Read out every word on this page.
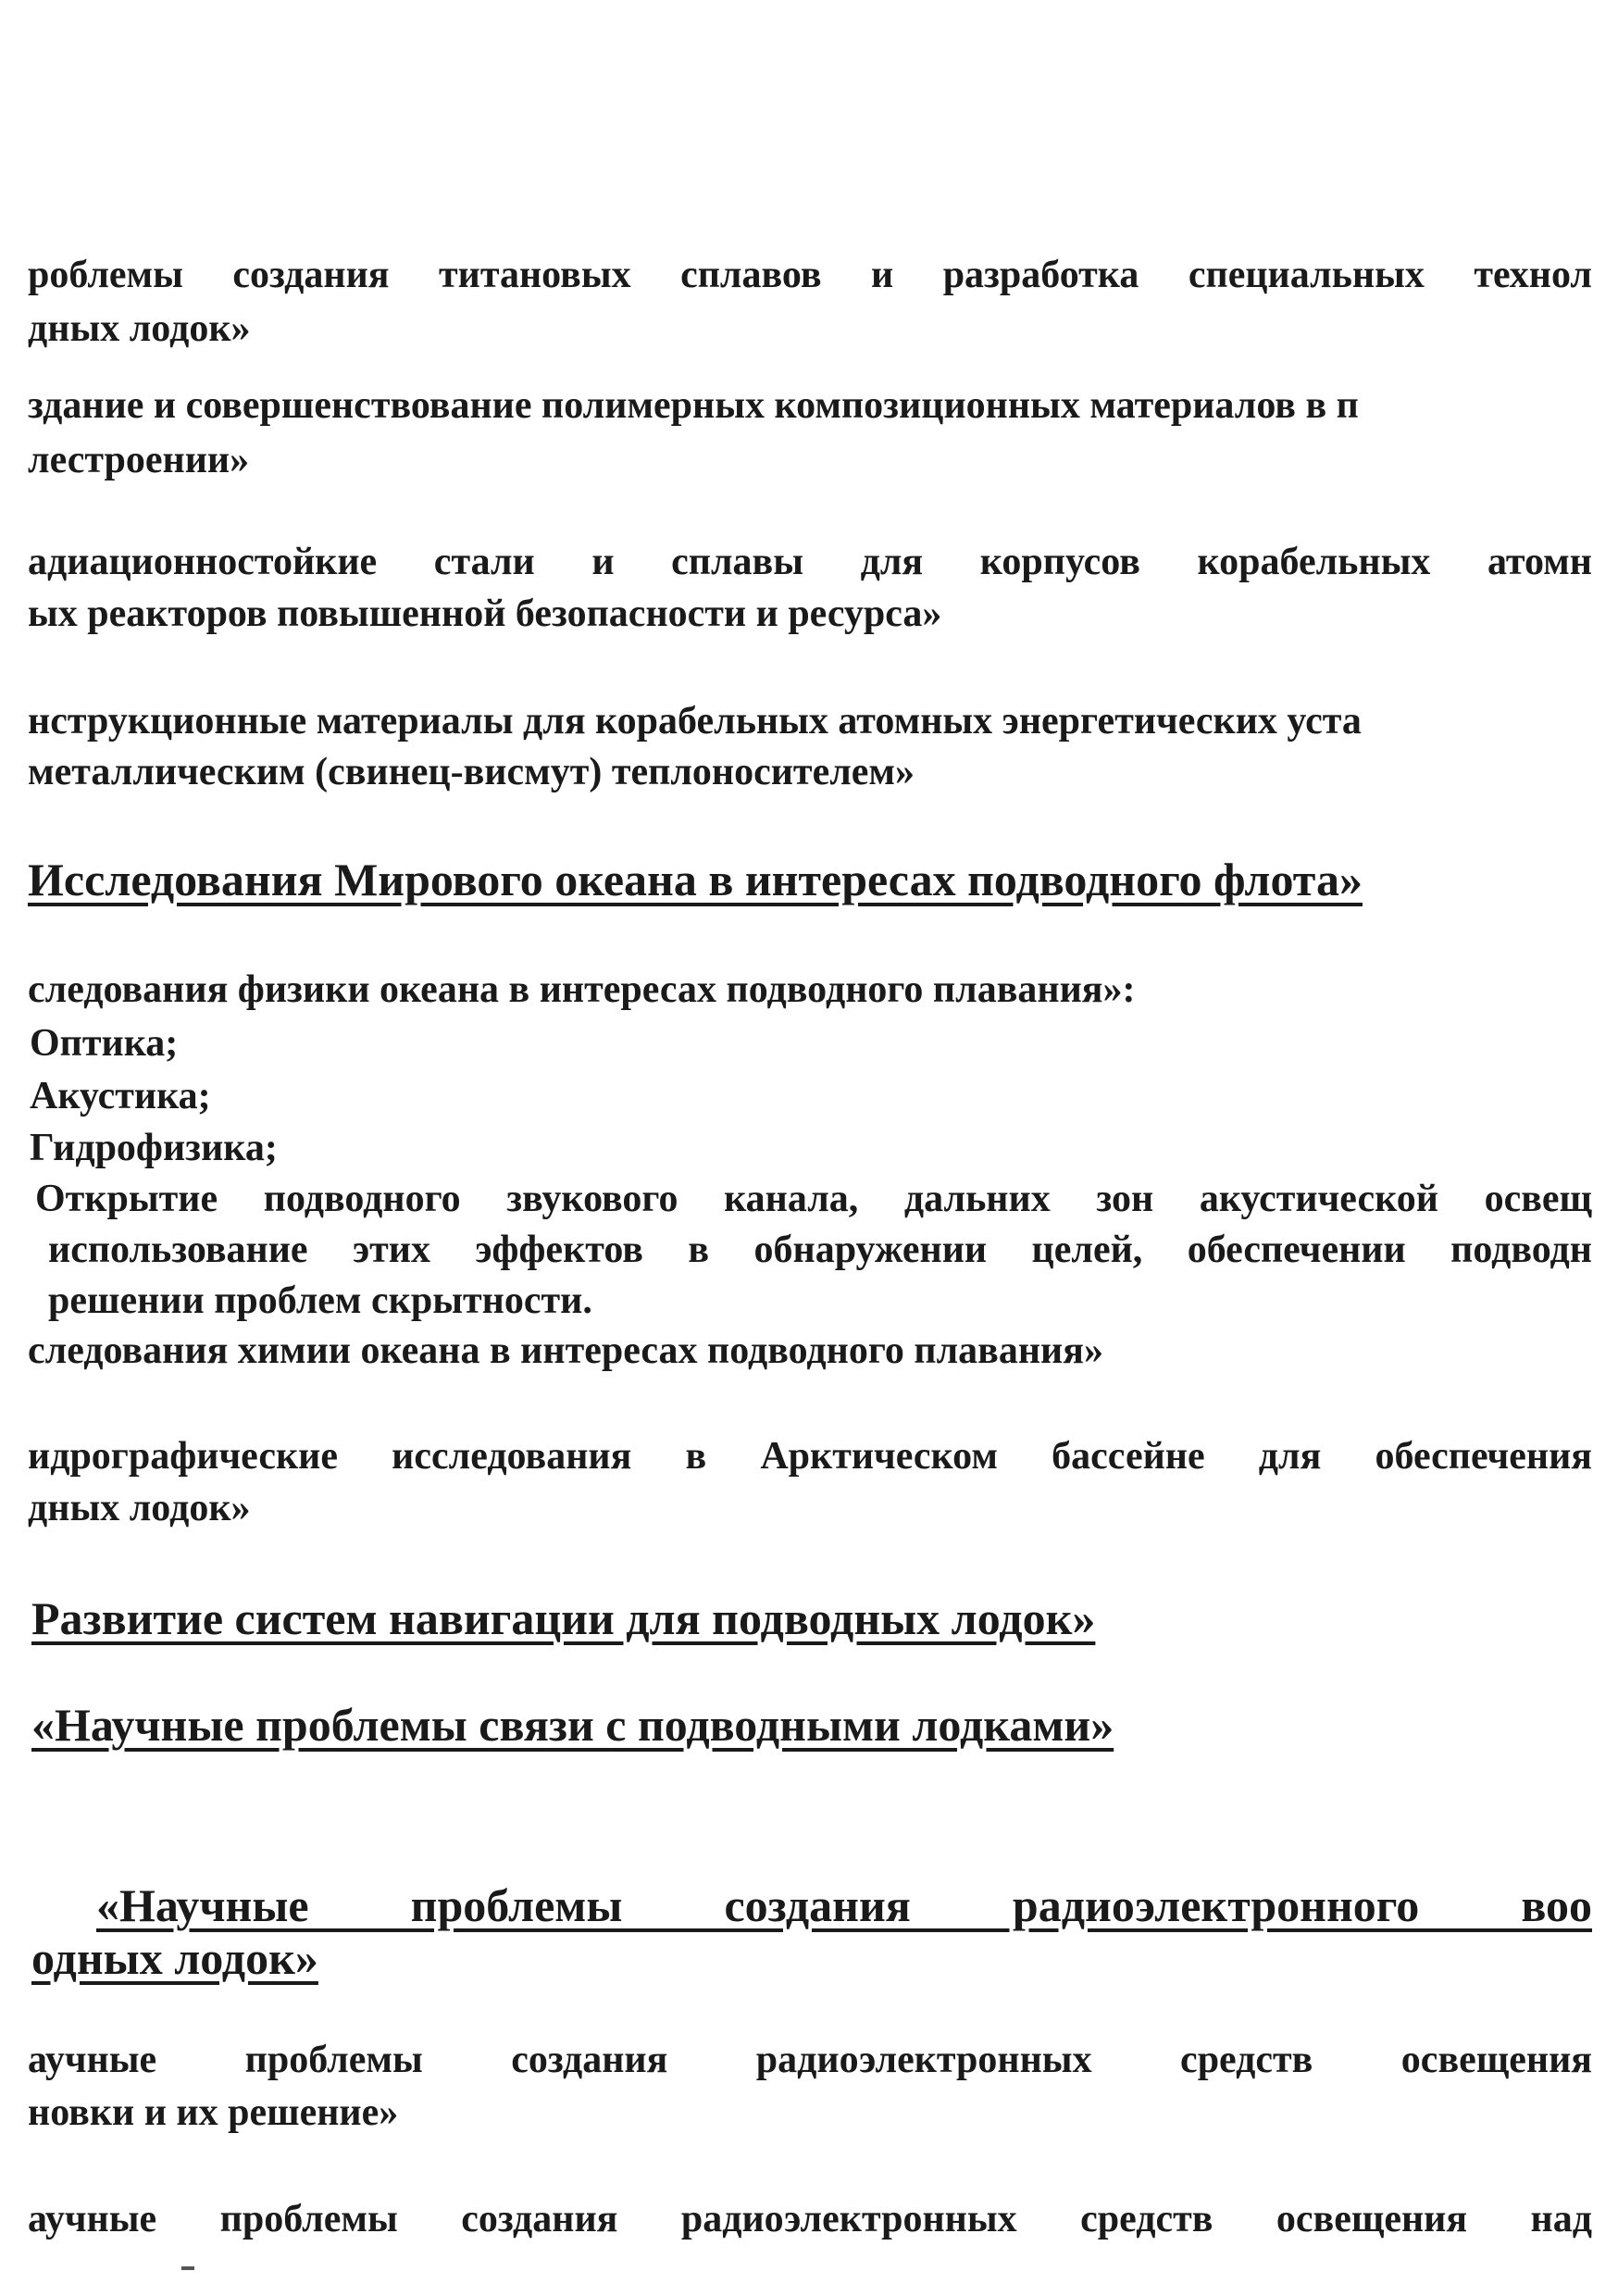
роблемы создания титановых сплавов и разработка специальных технол
дных лодок»
здание и совершенствование полимерных композиционных материалов в п
лестроении»
адиационностойкие стали и сплавы для корпусов корабельных атомн
ых реакторов повышенной безопасности и ресурса»
нструкционные материалы для корабельных атомных энергетических уста
металлическим (свинец-висмут) теплоносителем»
Исследования Мирового океана в интересах подводного флота»
следования физики океана в интересах подводного плавания»:
Оптика;
Акустика;
Гидрофизика;
Открытие подводного звукового канала, дальних зон акустической освещ
использование этих эффектов в обнаружении целей, обеспечении подводн
решении проблем скрытности.
следования химии океана в интересах подводного плавания»
идрографические исследования в Арктическом бассейне для обеспечения
дных лодок»
Развитие систем навигации для подводных лодок»
«Научные проблемы связи с подводными лодками»
«Научные проблемы создания радиоэлектронного воо
одных лодок»
аучные проблемы создания радиоэлектронных средств освещения
новки и их решение»
аучные проблемы создания радиоэлектронных средств освещения над
